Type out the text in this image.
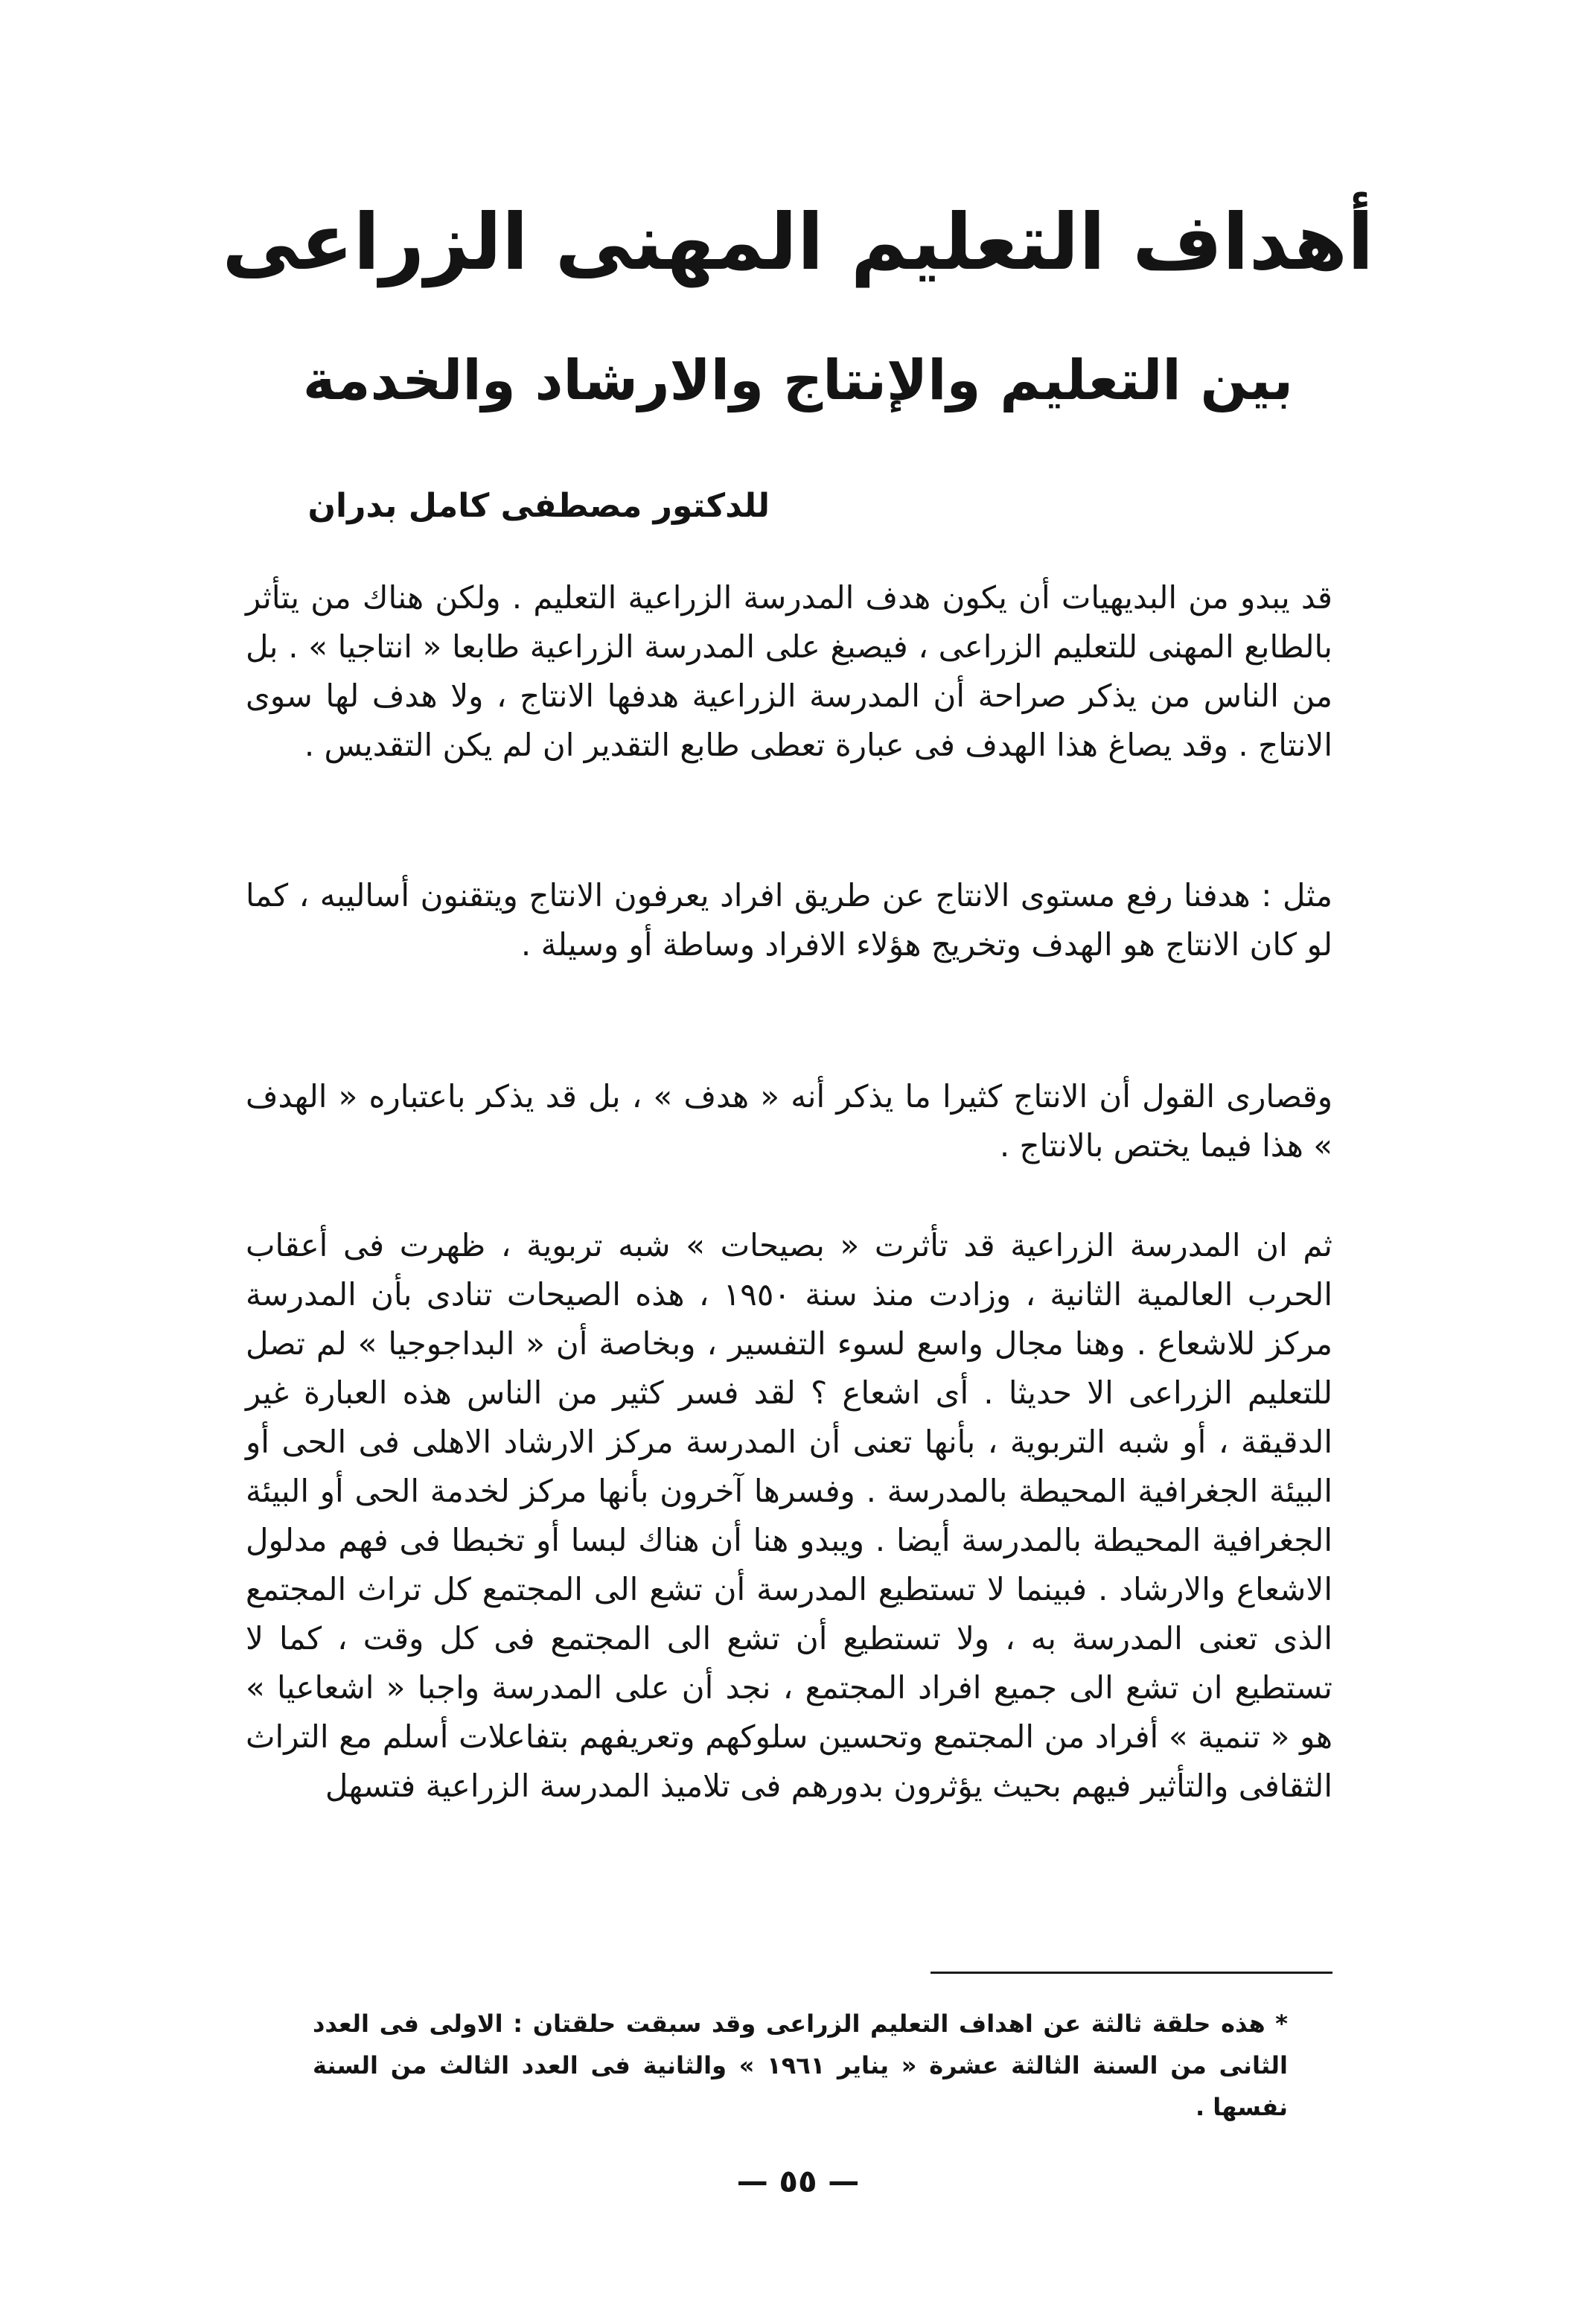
أهداف التعليم المهنى الزراعى
بين التعليم والإنتاج والارشاد والخدمة

للدكتور مصطفى كامل بدران

قد يبدو من البديهيات أن يكون هدف المدرسة الزراعية التعليم . ولكن هناك من يتأثر بالطابع المهنى للتعليم الزراعى ، فيصبغ على المدرسة الزراعية طابعا « انتاجيا » . بل من الناس من يذكر صراحة أن المدرسة الزراعية هدفها الانتاج ، ولا هدف لها سوى الانتاج . وقد يصاغ هذا الهدف فى عبارة تعطى طابع التقدير ان لم يكن التقديس .

مثل : هدفنا رفع مستوى الانتاج عن طريق افراد يعرفون الانتاج ويتقنون أساليبه ، كما لو كان الانتاج هو الهدف وتخريج هؤلاء الافراد وساطة أو وسيلة .

وقصارى القول أن الانتاج كثيرا ما يذكر أنه « هدف » ، بل قد يذكر باعتباره « الهدف » هذا فيما يختص بالانتاج .

ثم ان المدرسة الزراعية قد تأثرت « بصيحات » شبه تربوية ، ظهرت فى أعقاب الحرب العالمية الثانية ، وزادت منذ سنة ١٩٥٠ ، هذه الصيحات تنادى بأن المدرسة مركز للاشعاع . وهنا مجال واسع لسوء التفسير ، وبخاصة أن « البداجوجيا » لم تصل للتعليم الزراعى الا حديثا . أى اشعاع ؟ لقد فسر كثير من الناس هذه العبارة غير الدقيقة ، أو شبه التربوية ، بأنها تعنى أن المدرسة مركز الارشاد الاهلى فى الحى أو البيئة الجغرافية المحيطة بالمدرسة . وفسرها آخرون بأنها مركز لخدمة الحى أو البيئة الجغرافية المحيطة بالمدرسة أيضا . ويبدو هنا أن هناك لبسا أو تخبطا فى فهم مدلول الاشعاع والارشاد . فبينما لا تستطيع المدرسة أن تشع الى المجتمع كل تراث المجتمع الذى تعنى المدرسة به ، ولا تستطيع أن تشع الى المجتمع فى كل وقت ، كما لا تستطيع ان تشع الى جميع افراد المجتمع ، نجد أن على المدرسة واجبا « اشعاعيا » هو « تنمية » أفراد من المجتمع وتحسين سلوكهم وتعريفهم بتفاعلات أسلم مع التراث الثقافى والتأثير فيهم بحيث يؤثرون بدورهم فى تلاميذ المدرسة الزراعية فتسهل

* هذه حلقة ثالثة عن اهداف التعليم الزراعى وقد سبقت حلقتان : الاولى فى العدد الثانى من السنة الثالثة عشرة « يناير ١٩٦١ » والثانية فى العدد الثالث من السنة نفسها .

— ٥٥ —
